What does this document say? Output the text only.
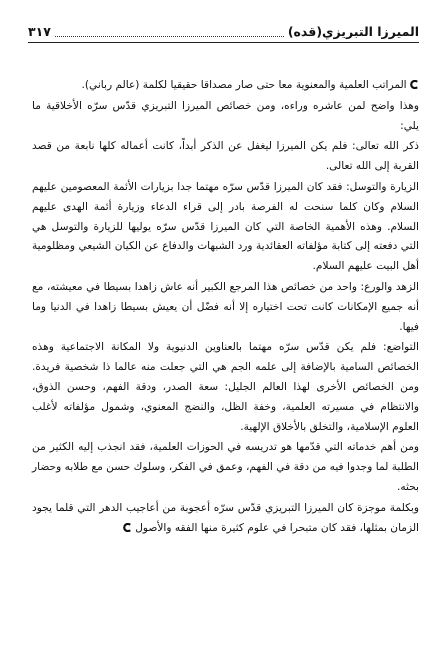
الميرزا التبريزي(قده)
٣١٧

المراتب العلمية والمعنوية معا حتى صار مصداقا حقيقيا لكلمة (عالم رباني).

وهذا واضح لمن عاشره وراءه، ومن خصائص الميرزا التبريزي قدّس سرّه الأخلاقية ما يلي:

ذكر الله تعالى: فلم يكن الميرزا ليغفل عن الذكر أبداً، كانت أعماله كلها نابعة من قصد القربة إلى الله تعالى.

الزيارة والتوسل: فقد كان الميرزا قدّس سرّه مهتما جدا بزيارات الأئمة المعصومين عليهم السلام وكان كلما سنحت له الفرصة بادر إلى قراء الدعاء وزيارة أئمة الهدى عليهم السلام. وهذه الأهمية الخاصة التي كان الميرزا قدّس سرّه يوليها للزيارة والتوسل هي التي دفعته إلى كتابة مؤلفاته العقائدية ورد الشبهات والدفاع عن الكيان الشيعي ومظلومية أهل البيت عليهم السلام.

الزهد والورع: واحد من خصائص هذا المرجع الكبير أنه عاش زاهدا بسيطا في معيشته، مع أنه جميع الإمكانات كانت تحت اختياره إلا أنه فضّل أن يعيش بسيطا زاهدا في الدنيا وما فيها.

التواضع: فلم يكن قدّس سرّه مهتما بالعناوين الدنيوية ولا المكانة الاجتماعية وهذه الخصائص السامية بالإضافة إلى علمه الجم هي التي جعلت منه عالما ذا شخصية فريدة. ومن الخصائص الأخرى لهذا العالم الجليل: سعة الصدر، ودقة الفهم، وحسن الذوق، والانتظام في مسيرته العلمية، وخفة الظل، والنضج المعنوي، وشمول مؤلفاته لأغلب العلوم الإسلامية، والتخلق بالأخلاق الإلهية.

ومن أهم خدماته التي قدّمها هو تدريسه في الحوزات العلمية، فقد انجذب إليه الكثير من الطلبة لما وجدوا فيه من دقة في الفهم، وعمق في الفكر، وسلوك حسن مع طلابه وحضار بحثه.

وبكلمة موجزة كان الميرزا التبريزي قدّس سرّه أعجوبة من أعاجيب الدهر التي قلما يجود الزمان بمثلها، فقد كان متبحرا في علوم كثيرة منها الفقه والأصول
